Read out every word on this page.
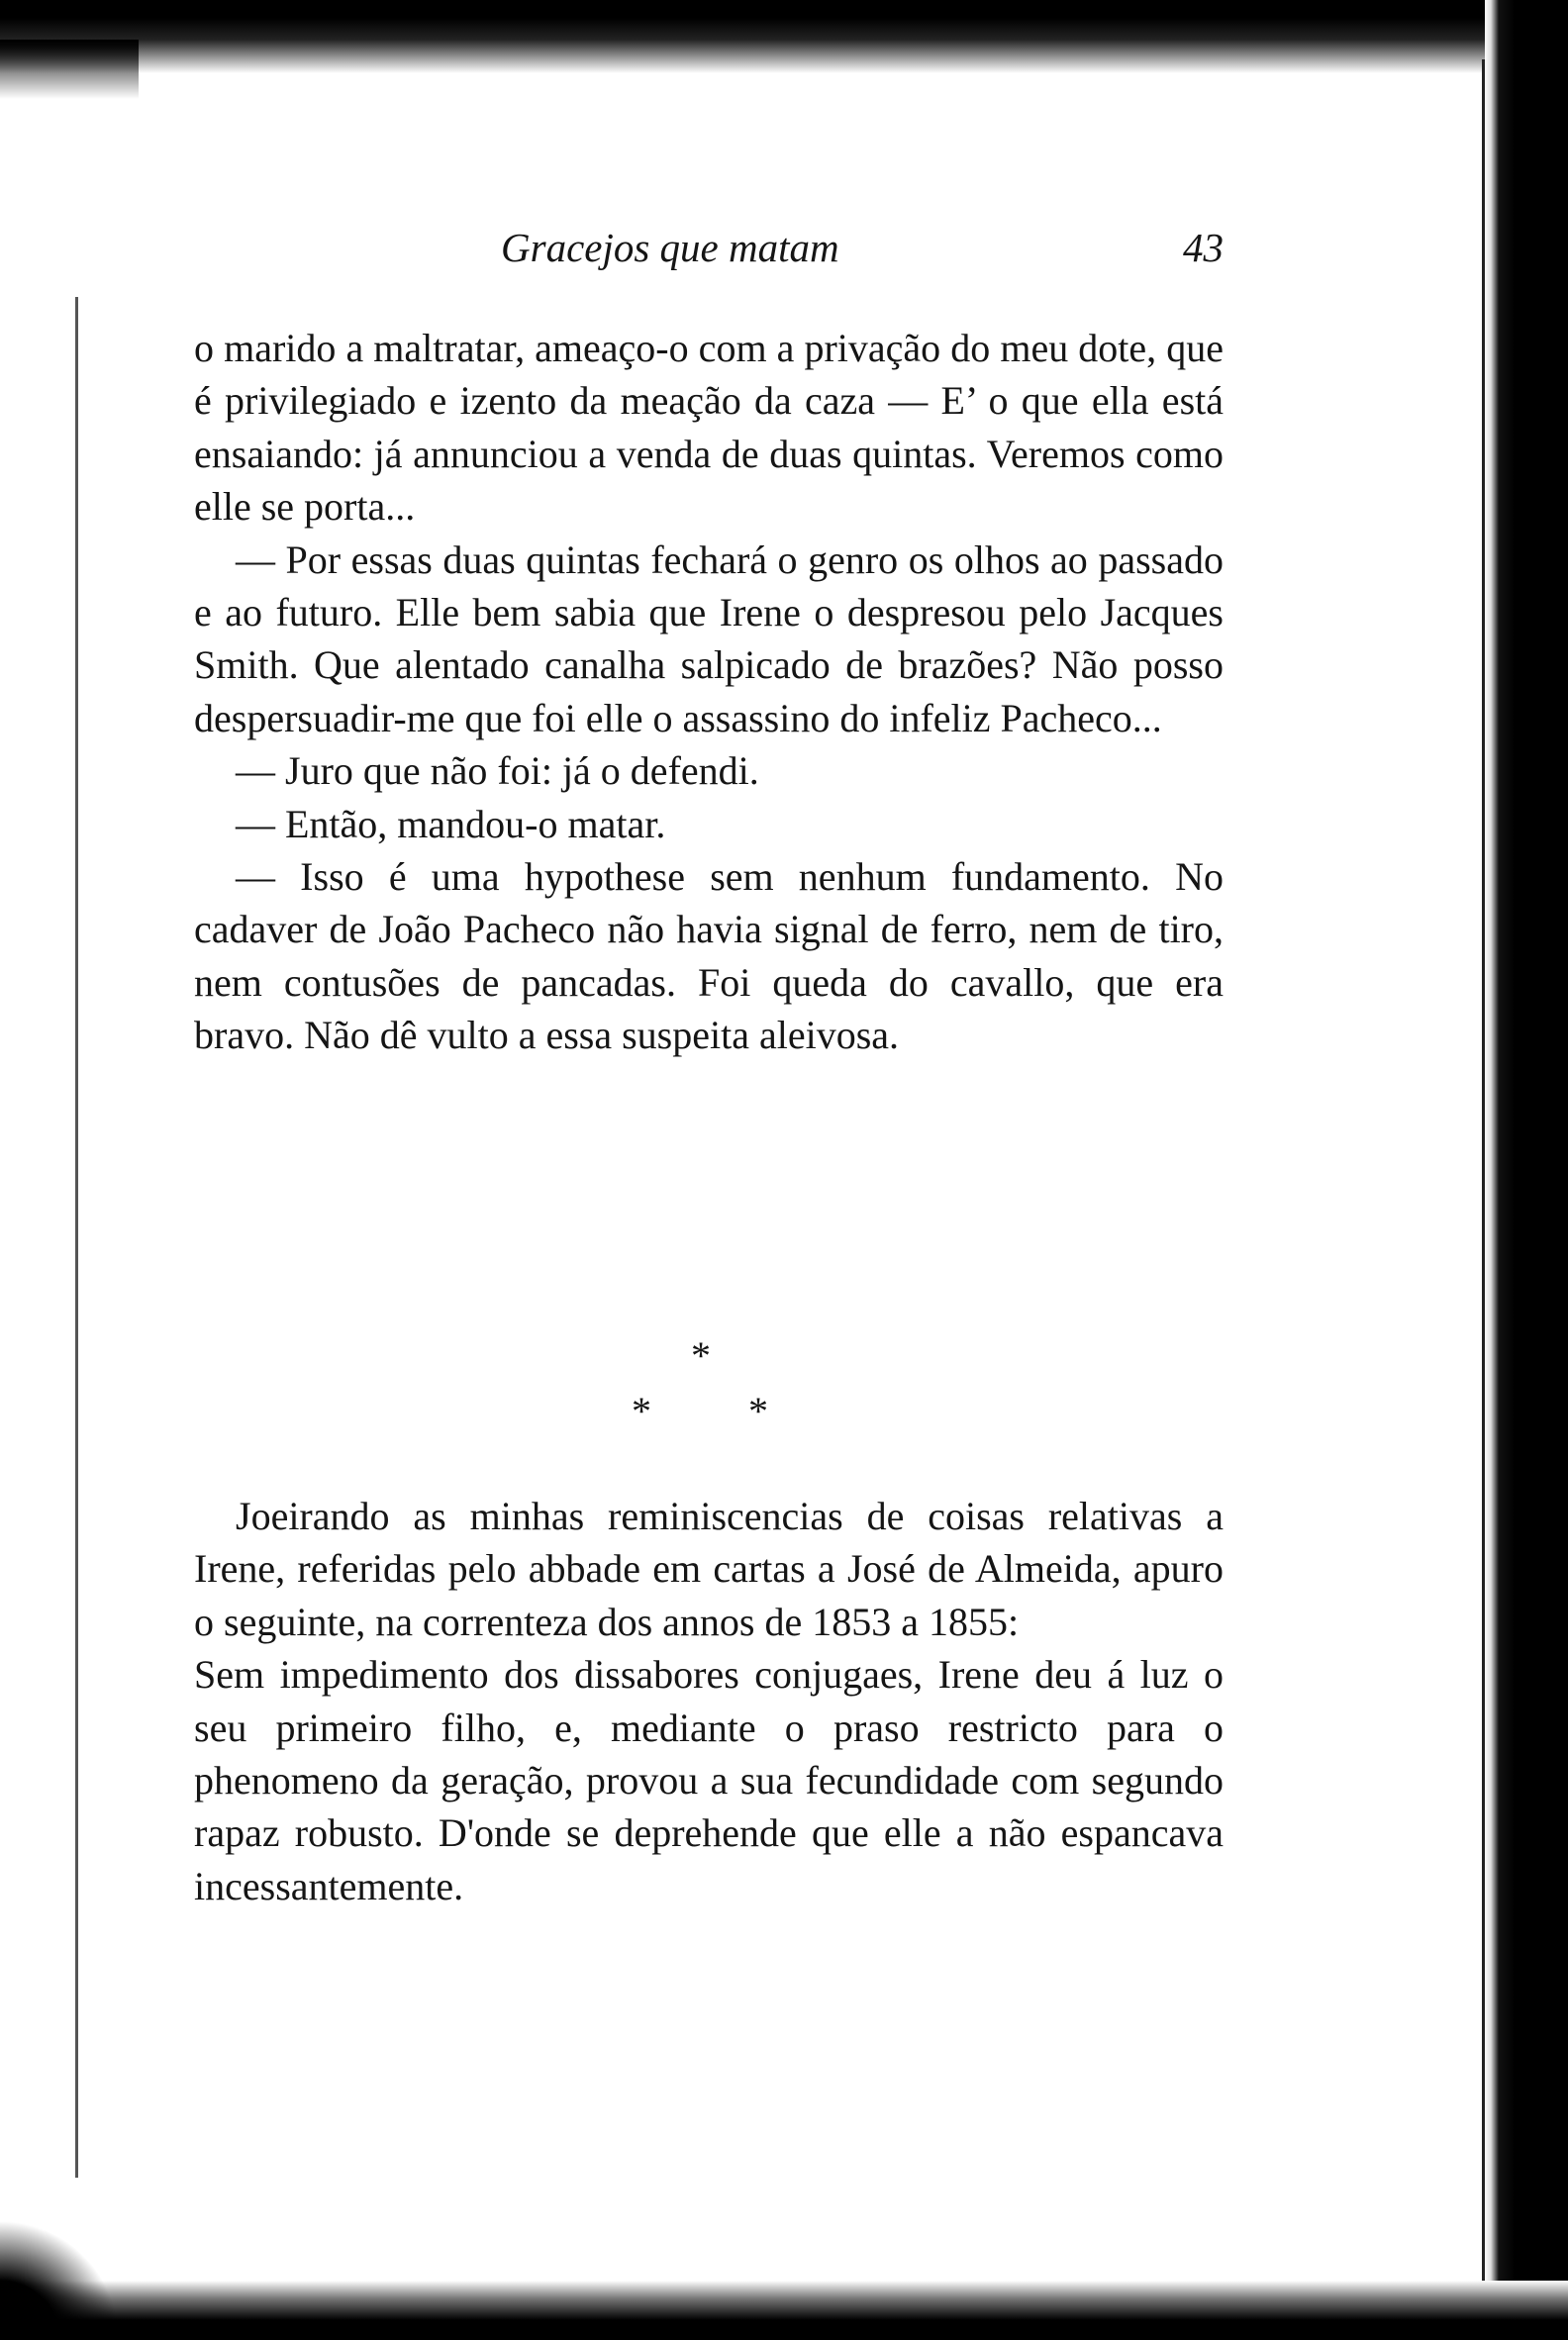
Gracejos que matam	43

o marido a maltratar, ameaço-o com a privação do meu dote, que é privilegiado e izento da meação da caza — E’ o que ella está ensaiando: já annunciou a venda de duas quintas. Veremos como elle se porta...

— Por essas duas quintas fechará o genro os olhos ao passado e ao futuro. Elle bem sabia que Irene o despresou pelo Jacques Smith. Que alentado canalha salpicado de brazões? Não posso despersuadir-me que foi elle o assassino do infeliz Pacheco...

— Juro que não foi: já o defendi.

— Então, mandou-o matar.

— Isso é uma hypothese sem nenhum fundamento. No cadaver de João Pacheco não havia signal de ferro, nem de tiro, nem contusões de pancadas. Foi queda do cavallo, que era bravo. Não dê vulto a essa suspeita aleivosa.

*
* *

Joeirando as minhas reminiscencias de coisas relativas a Irene, referidas pelo abbade em cartas a José de Almeida, apuro o seguinte, na correnteza dos annos de 1853 a 1855:

Sem impedimento dos dissabores conjugaes, Irene deu á luz o seu primeiro filho, e, mediante o praso restricto para o phenomeno da geração, provou a sua fecundidade com segundo rapaz robusto. D'onde se deprehende que elle a não espancava incessantemente.
